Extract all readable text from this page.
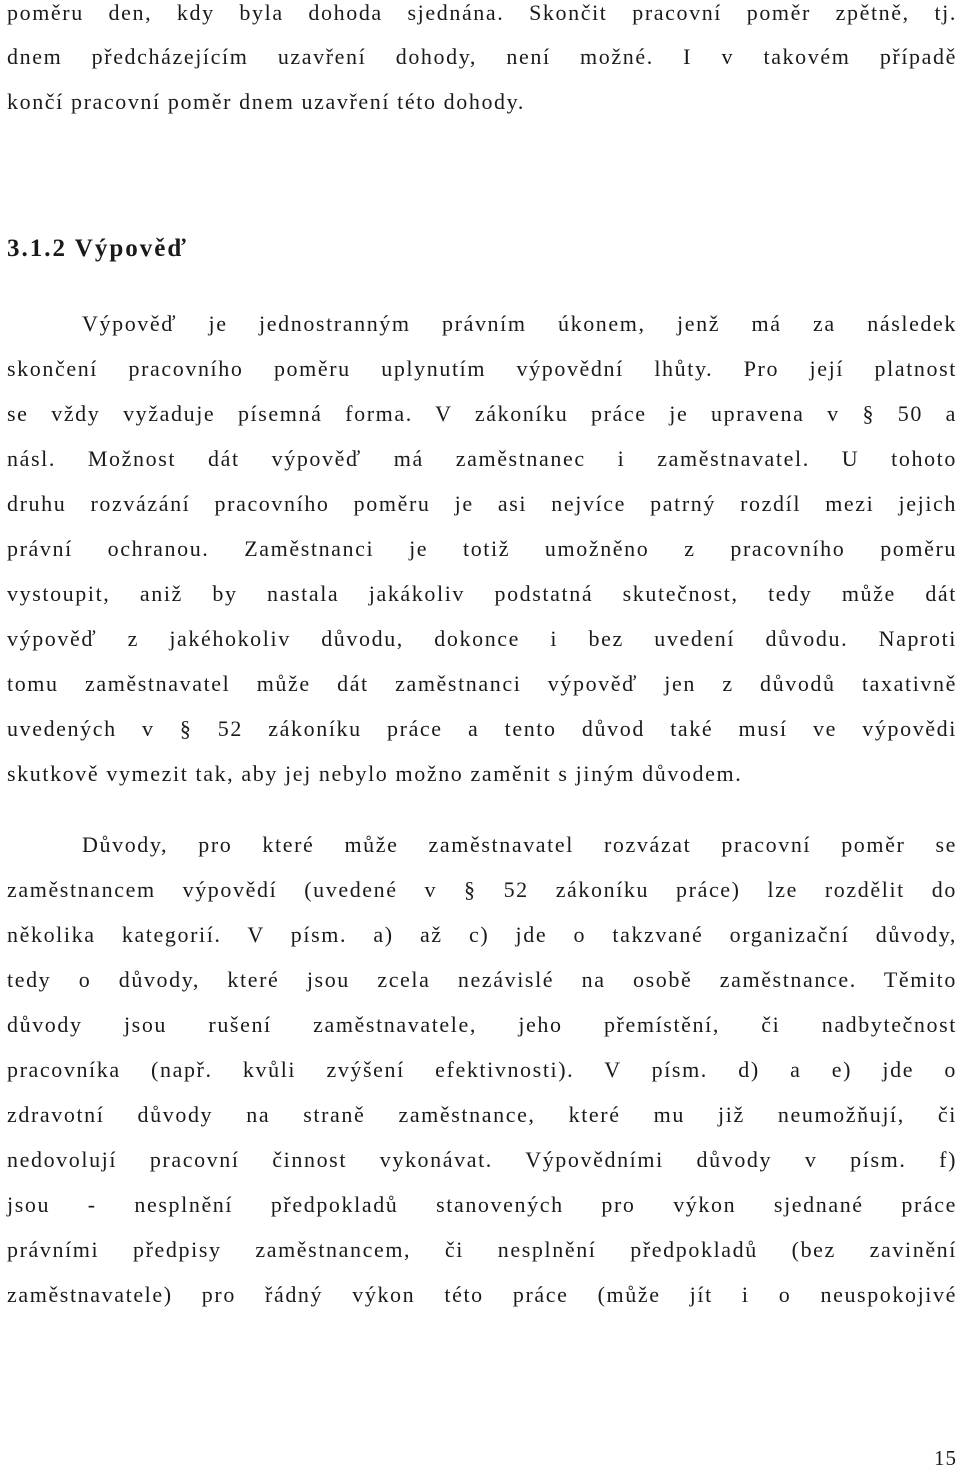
poměru den, kdy byla dohoda sjednána. Skončit pracovní poměr zpětně, tj.
dnem předcházejícím uzavření dohody, není možné. I v takovém případě
končí pracovní poměr dnem uzavření této dohody.
3.1.2 Výpověď
Výpověď je jednostranným právním úkonem, jenž má za následek
skončení pracovního poměru uplynutím výpovědní lhůty. Pro její platnost
se vždy vyžaduje písemná forma. V zákoníku práce je upravena v § 50 a
násl. Možnost dát výpověď má zaměstnanec i zaměstnavatel. U tohoto
druhu rozvázání pracovního poměru je asi nejvíce patrný rozdíl mezi jejich
právní ochranou. Zaměstnanci je totiž umožněno z pracovního poměru
vystoupit, aniž by nastala jakákoliv podstatná skutečnost, tedy může dát
výpověď z jakéhokoliv důvodu, dokonce i bez uvedení důvodu. Naproti
tomu zaměstnavatel může dát zaměstnanci výpověď jen z důvodů taxativně
uvedených v § 52 zákoníku práce a tento důvod také musí ve výpovědi
skutkově vymezit tak, aby jej nebylo možno zaměnit s jiným důvodem.
Důvody, pro které může zaměstnavatel rozvázat pracovní poměr se
zaměstnancem výpovědí (uvedené v § 52 zákoníku práce) lze rozdělit do
několika kategorií. V písm. a) až c) jde o takzvané organizační důvody,
tedy o důvody, které jsou zcela nezávislé na osobě zaměstnance. Těmito
důvody jsou rušení zaměstnavatele, jeho přemístění, či nadbytečnost
pracovníka (např. kvůli zvýšení efektivnosti). V písm. d) a e) jde o
zdravotní důvody na straně zaměstnance, které mu již neumožňují, či
nedovolují pracovní činnost vykonávat. Výpovědními důvody v písm. f)
jsou - nesplnění předpokladů stanovených pro výkon sjednané práce
právními předpisy zaměstnancem, či nesplnění předpokladů (bez zavinění
zaměstnavatele) pro řádný výkon této práce (může jít i o neuspokojivé
15
